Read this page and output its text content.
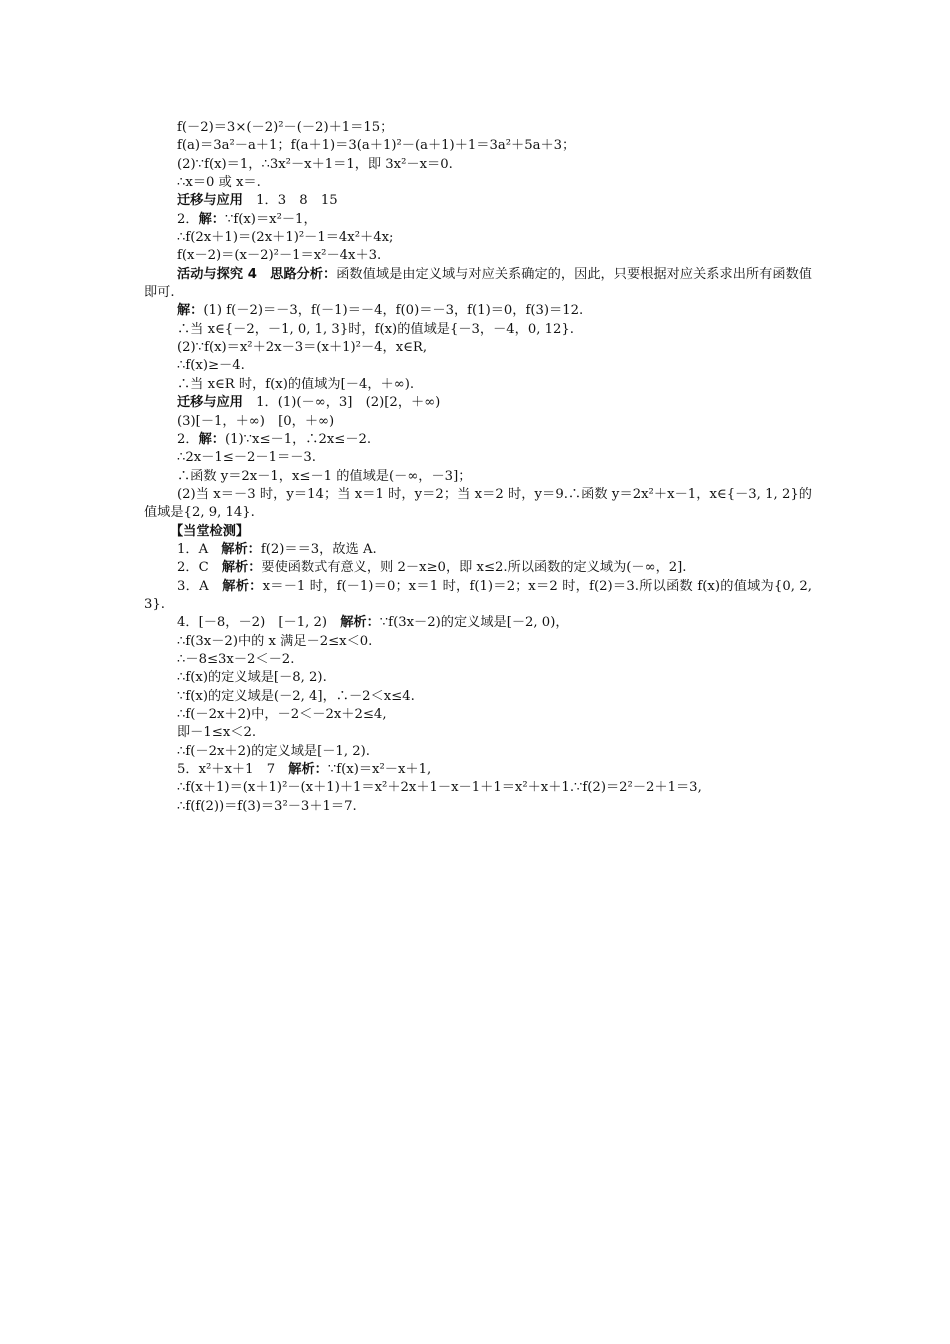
f(－2)＝3×(－2)²－(－2)＋1＝15；
f(a)＝3a²－a＋1；f(a＋1)＝3(a＋1)²－(a＋1)＋1＝3a²＋5a＋3；
(2)∵f(x)＝1，∴3x²－x＋1＝1，即 3x²－x＝0.
∴x＝0 或 x＝.
迁移与应用　1．3　8　15
2．解：∵f(x)＝x²－1，
∴f(2x＋1)＝(2x＋1)²－1＝4x²＋4x;
f(x－2)＝(x－2)²－1＝x²－4x＋3.
活动与探究 4　思路分析：函数值域是由定义域与对应关系确定的，因此，只要根据对应关系求出所有函数值即可.
解：(1) f(－2)＝－3，f(－1)＝－4，f(0)＝－3，f(1)＝0，f(3)＝12.
∴当 x∈{－2，－1, 0, 1, 3}时，f(x)的值域是{－3，－4，0, 12}.
(2)∵f(x)＝x²＋2x－3＝(x＋1)²－4，x∈R,
∴f(x)≥－4.
∴当 x∈R 时，f(x)的值域为[－4，＋∞).
迁移与应用　1．(1)(－∞，3]　(2)[2，＋∞)
(3)[－1，＋∞)　[0，＋∞)
2．解：(1)∵x≤－1，∴2x≤－2.
∴2x－1≤－2－1＝－3.
∴函数 y＝2x－1，x≤－1 的值域是(－∞，－3]；
(2)当 x＝－3 时，y＝14；当 x＝1 时，y＝2；当 x＝2 时，y＝9.∴函数 y＝2x²＋x－1，x∈{－3, 1, 2}的值域是{2, 9, 14}.
【当堂检测】
1．A　解析：f(2)＝＝3，故选 A.
2．C　解析：要使函数式有意义，则 2－x≥0，即 x≤2.所以函数的定义域为(－∞，2].
3．A　解析：x＝－1 时，f(－1)＝0；x＝1 时，f(1)＝2；x＝2 时，f(2)＝3.所以函数 f(x)的值域为{0, 2, 3}.
4．[－8，－2)　[－1, 2)　解析：∵f(3x－2)的定义域是[－2, 0)，
∴f(3x－2)中的 x 满足－2≤x＜0.
∴－8≤3x－2＜－2.
∴f(x)的定义域是[－8, 2).
∵f(x)的定义域是(－2, 4]，∴－2＜x≤4.
∴f(－2x＋2)中，－2＜－2x＋2≤4,
即－1≤x＜2.
∴f(－2x＋2)的定义域是[－1, 2).
5．x²＋x＋1　7　解析：∵f(x)＝x²－x＋1,
∴f(x＋1)＝(x＋1)²－(x＋1)＋1＝x²＋2x＋1－x－1＋1＝x²＋x＋1.∵f(2)＝2²－2＋1＝3,
∴f(f(2))＝f(3)＝3²－3＋1＝7.
